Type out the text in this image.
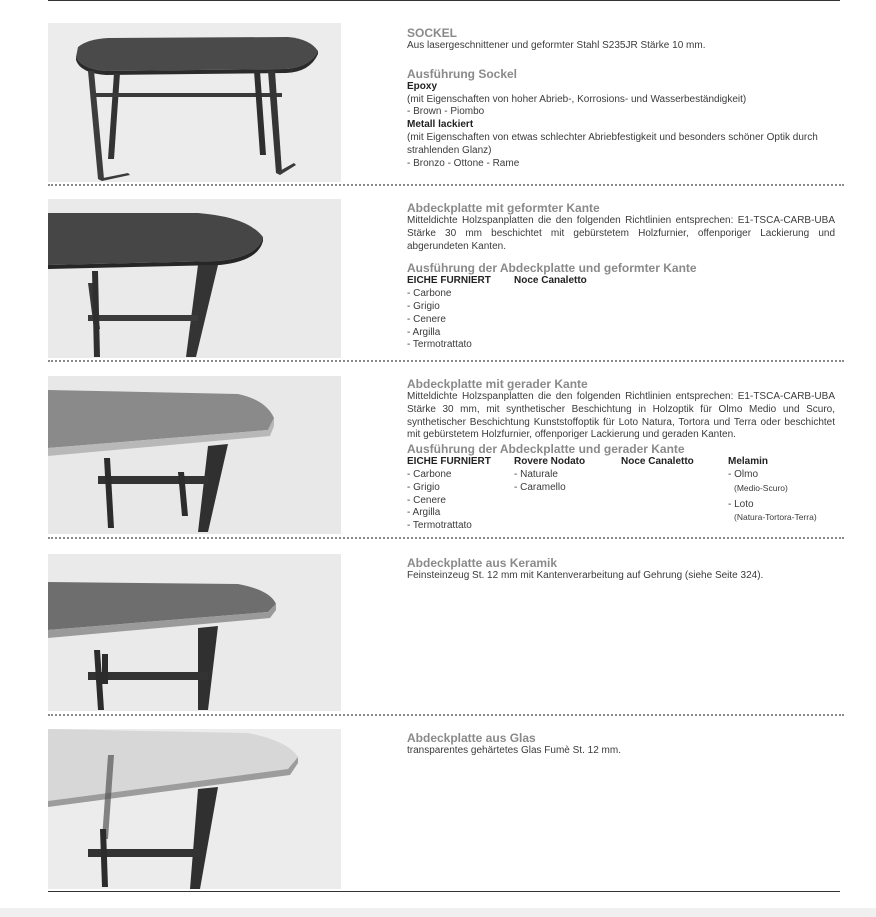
SOCKEL
Aus lasergeschnittener und geformter Stahl S235JR Stärke 10 mm.
Ausführung Sockel
Epoxy
(mit Eigenschaften von hoher Abrieb-, Korrosions- und Wasserbeständigkeit)
- Brown - Piombo
Metall lackiert
(mit Eigenschaften von etwas schlechter Abriebfestigkeit und besonders schöner Optik durch strahlenden Glanz)
- Bronzo - Ottone - Rame
Abdeckplatte mit geformter Kante
Mitteldichte Holzspanplatten die den folgenden Richtlinien entsprechen: E1-TSCA-CARB-UBA Stärke 30 mm beschichtet mit gebürstetem Holzfurnier, offenporiger Lackierung und abgerundeten Kanten.
Ausführung der Abdeckplatte und geformter Kante
EICHE FURNIERT
- Carbone
- Grigio
- Cenere
- Argilla
- Termotrattato
Noce Canaletto
Abdeckplatte mit gerader Kante
Mitteldichte Holzspanplatten die den folgenden Richtlinien entsprechen: E1-TSCA-CARB-UBA Stärke 30 mm, mit synthetischer Beschichtung in Holzoptik für Olmo Medio und Scuro, synthetischer Beschichtung Kunststoffoptik für Loto Natura, Tortora und Terra oder beschichtet mit gebürstetem Holzfurnier, offenporiger Lackierung und geraden Kanten.
Ausführung der Abdeckplatte und gerader Kante
EICHE FURNIERT
- Carbone
- Grigio
- Cenere
- Argilla
- Termotrattato
Rovere Nodato
- Naturale
- Caramello
Noce Canaletto	Melamin
- Olmo
(Medio-Scuro)
- Loto
(Natura-Tortora-Terra)
Abdeckplatte aus Keramik
Feinsteinzeug St. 12 mm mit Kantenverarbeitung auf Gehrung (siehe Seite 324).
Abdeckplatte aus Glas
transparentes gehärtetes Glas Fumè St. 12 mm.
